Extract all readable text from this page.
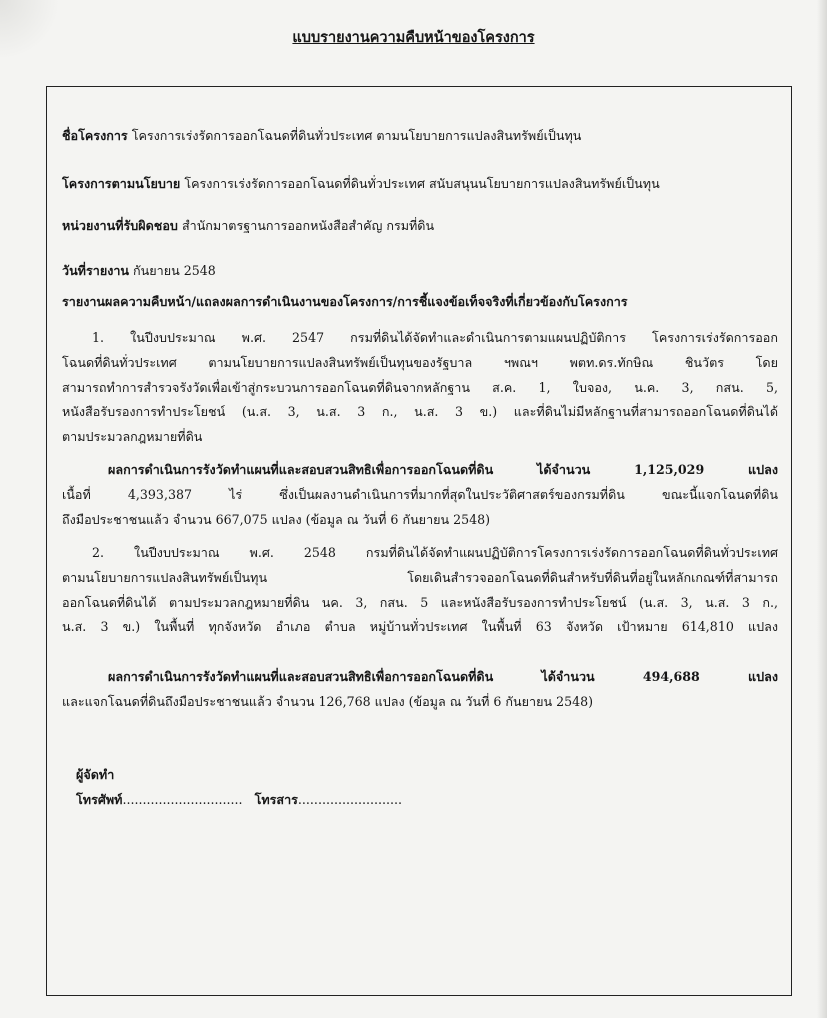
แบบรายงานความคืบหน้าของโครงการ
ชื่อโครงการ โครงการเร่งรัดการออกโฉนดที่ดินทั่วประเทศ ตามนโยบายการแปลงสินทรัพย์เป็นทุน
โครงการตามนโยบาย โครงการเร่งรัดการออกโฉนดที่ดินทั่วประเทศ สนับสนุนนโยบายการแปลงสินทรัพย์เป็นทุน
หน่วยงานที่รับผิดชอบ สำนักมาตรฐานการออกหนังสือสำคัญ กรมที่ดิน
วันที่รายงาน กันยายน 2548
รายงานผลความคืบหน้า/แถลงผลการดำเนินงานของโครงการ/การชี้แจงข้อเท็จจริงที่เกี่ยวข้องกับโครงการ
1. ในปีงบประมาณ พ.ศ. 2547 กรมที่ดินได้จัดทำและดำเนินการตามแผนปฏิบัติการ โครงการเร่งรัดการออก
โฉนดที่ดินทั่วประเทศ ตามนโยบายการแปลงสินทรัพย์เป็นทุนของรัฐบาล ฯพณฯ พตท.ดร.ทักษิณ ชินวัตร โดย
สามารถทำการสำรวจรังวัดเพื่อเข้าสู่กระบวนการออกโฉนดที่ดินจากหลักฐาน ส.ค. 1, ใบจอง, น.ค. 3, กสน. 5,
หนังสือรับรองการทำประโยชน์ (น.ส. 3, น.ส. 3 ก., น.ส. 3 ข.) และที่ดินไม่มีหลักฐานที่สามารถออกโฉนดที่ดินได้
ตามประมวลกฎหมายที่ดิน
ผลการดำเนินการรังวัดทำแผนที่และสอบสวนสิทธิเพื่อการออกโฉนดที่ดิน ได้จำนวน 1,125,029 แปลง
เนื้อที่ 4,393,387 ไร่ ซึ่งเป็นผลงานดำเนินการที่มากที่สุดในประวัติศาสตร์ของกรมที่ดิน ขณะนี้แจกโฉนดที่ดิน
ถึงมือประชาชนแล้ว จำนวน 667,075 แปลง (ข้อมูล ณ วันที่ 6 กันยายน 2548)
2. ในปีงบประมาณ พ.ศ. 2548 กรมที่ดินได้จัดทำแผนปฏิบัติการโครงการเร่งรัดการออกโฉนดที่ดินทั่วประเทศ
ตามนโยบายการแปลงสินทรัพย์เป็นทุน โดยเดินสำรวจออกโฉนดที่ดินสำหรับที่ดินที่อยู่ในหลักเกณฑ์ที่สามารถ
ออกโฉนดที่ดินได้ ตามประมวลกฎหมายที่ดิน นค. 3, กสน. 5 และหนังสือรับรองการทำประโยชน์ (น.ส. 3, น.ส. 3 ก.,
น.ส. 3 ข.) ในพื้นที่ ทุกจังหวัด อำเภอ ตำบล หมู่บ้านทั่วประเทศ ในพื้นที่ 63 จังหวัด เป้าหมาย 614,810 แปลง
ผลการดำเนินการรังวัดทำแผนที่และสอบสวนสิทธิเพื่อการออกโฉนดที่ดิน ได้จำนวน 494,688 แปลง
และแจกโฉนดที่ดินถึงมือประชาชนแล้ว จำนวน 126,768 แปลง (ข้อมูล ณ วันที่ 6 กันยายน 2548)
ผู้จัดทำ
โทรศัพท์.............................. โทรสาร..........................
